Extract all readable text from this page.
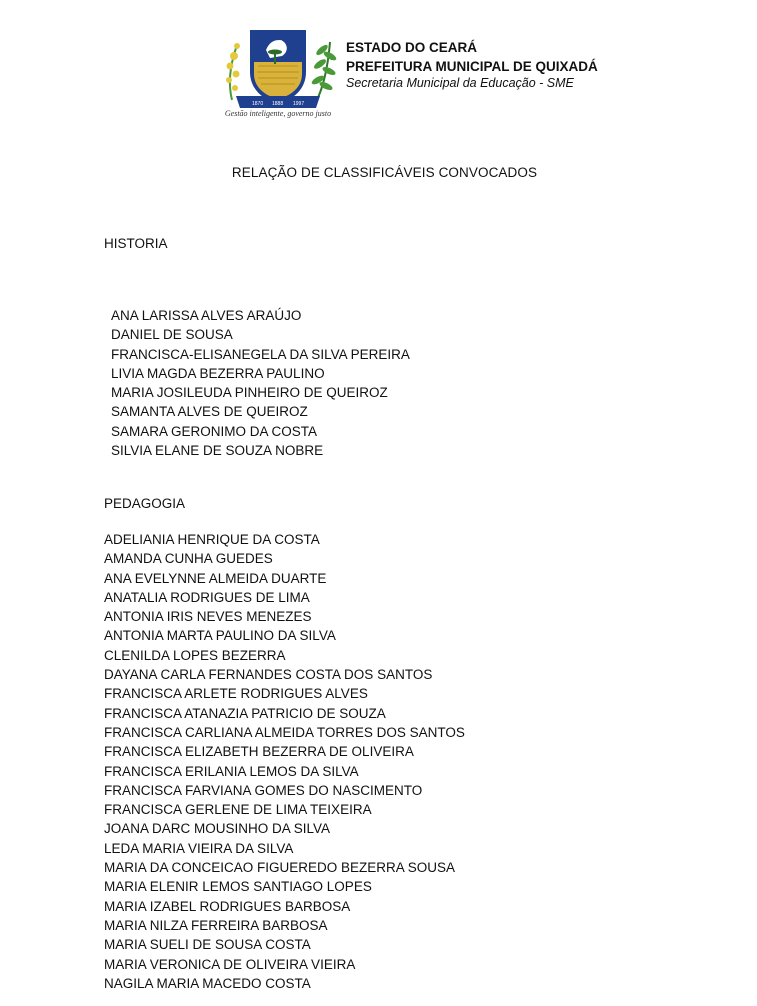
1870 1888 1997
Gestão inteligente, governo justo
ESTADO DO CEARÁ
PREFEITURA MUNICIPAL DE QUIXADÁ
Secretaria Municipal da Educação - SME
RELAÇÃO DE CLASSIFICÁVEIS CONVOCADOS
HISTORIA
ANA LARISSA ALVES ARAÚJO
DANIEL DE SOUSA
FRANCISCA-ELISANEGELA DA SILVA PEREIRA
LIVIA MAGDA BEZERRA PAULINO
MARIA JOSILEUDA PINHEIRO DE QUEIROZ
SAMANTA ALVES DE QUEIROZ
SAMARA GERONIMO DA COSTA
SILVIA ELANE DE SOUZA NOBRE
PEDAGOGIA
ADELIANIA HENRIQUE DA COSTA
AMANDA CUNHA GUEDES
ANA EVELYNNE ALMEIDA DUARTE
ANATALIA RODRIGUES DE LIMA
ANTONIA IRIS NEVES MENEZES
ANTONIA MARTA PAULINO DA SILVA
CLENILDA LOPES BEZERRA
DAYANA CARLA FERNANDES COSTA DOS SANTOS
FRANCISCA ARLETE RODRIGUES ALVES
FRANCISCA ATANAZIA PATRICIO DE SOUZA
FRANCISCA CARLIANA ALMEIDA TORRES DOS SANTOS
FRANCISCA ELIZABETH BEZERRA DE OLIVEIRA
FRANCISCA ERILANIA LEMOS DA SILVA
FRANCISCA FARVIANA GOMES DO NASCIMENTO
FRANCISCA GERLENE DE LIMA TEIXEIRA
JOANA DARC MOUSINHO DA SILVA
LEDA MARIA VIEIRA DA SILVA
MARIA DA CONCEICAO FIGUEREDO BEZERRA SOUSA
MARIA ELENIR LEMOS SANTIAGO LOPES
MARIA IZABEL RODRIGUES BARBOSA
MARIA NILZA FERREIRA BARBOSA
MARIA SUELI DE SOUSA COSTA
MARIA VERONICA DE OLIVEIRA VIEIRA
NAGILA MARIA MACEDO COSTA
